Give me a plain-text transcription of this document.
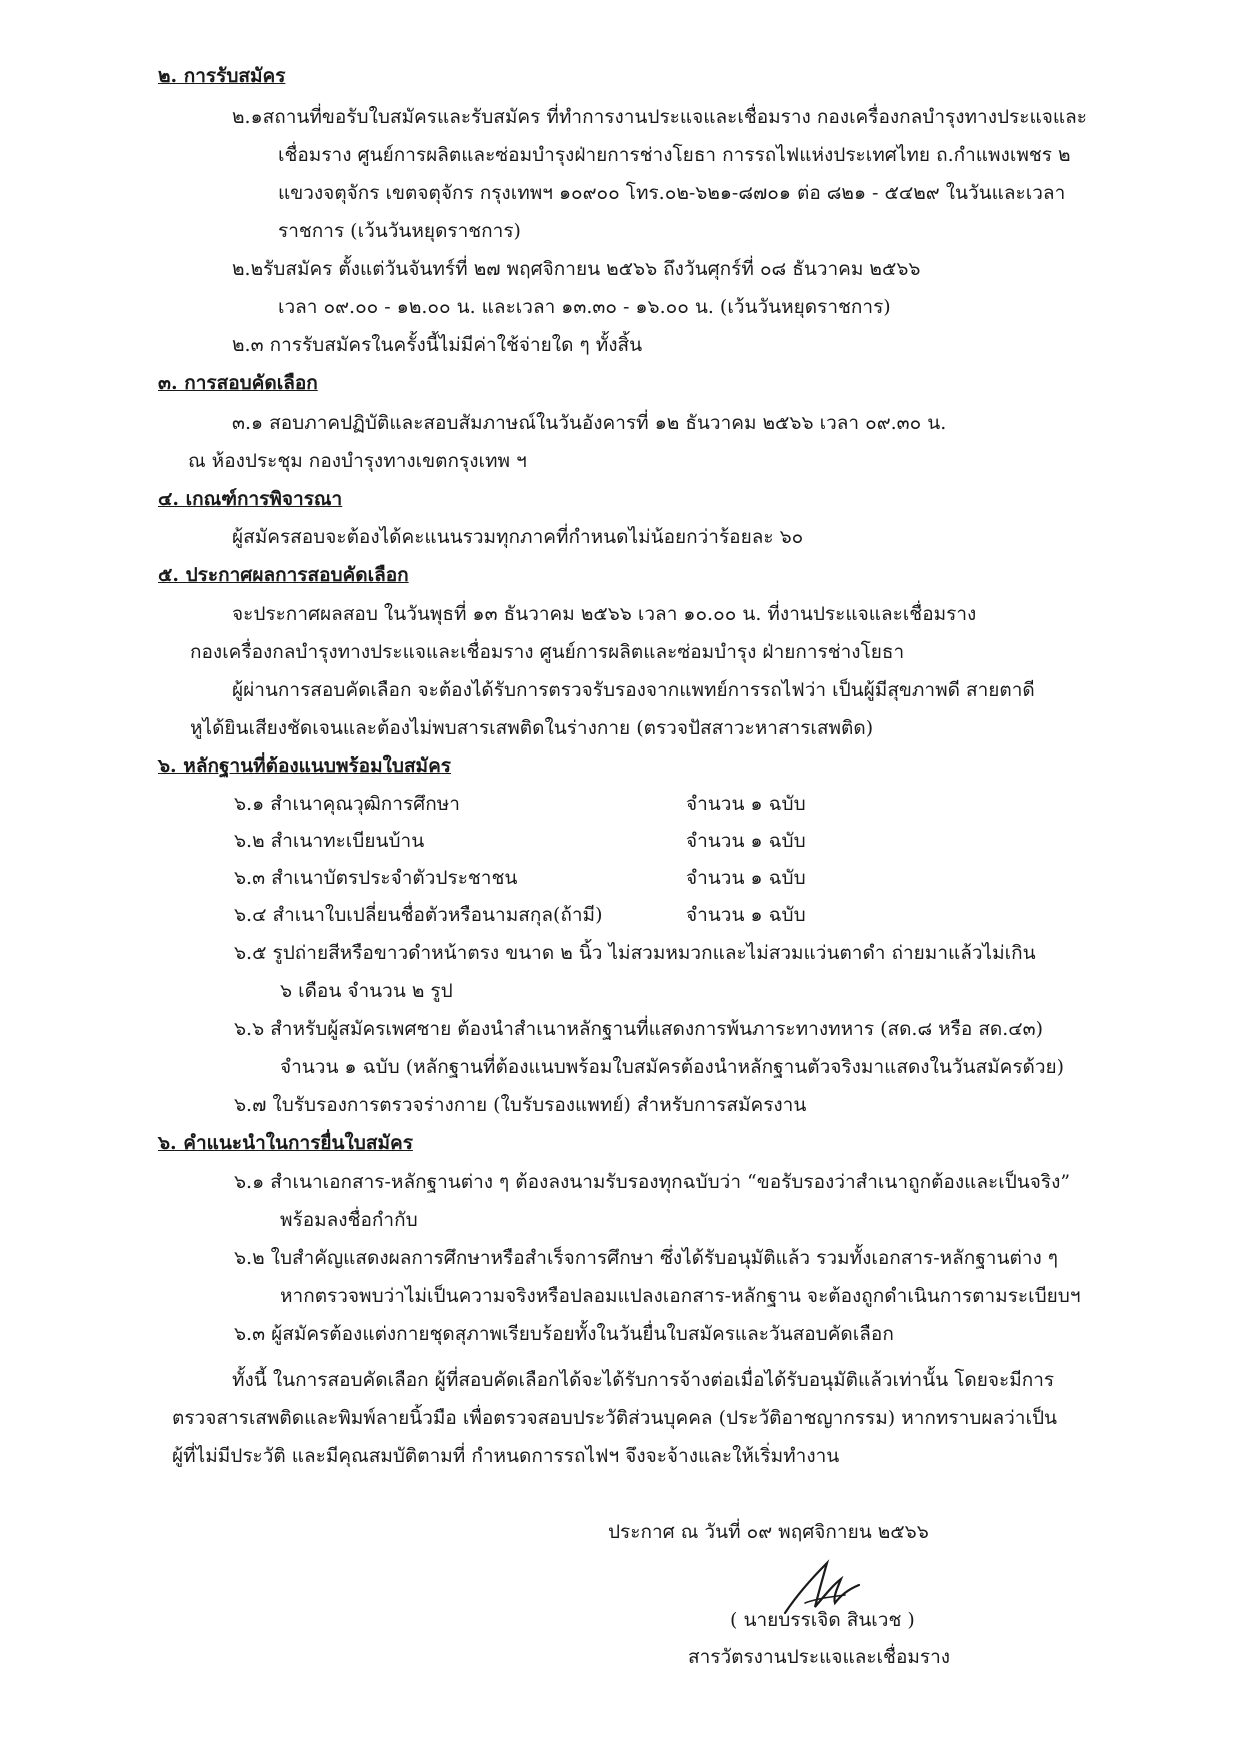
๒. การรับสมัคร
๒.๑สถานที่ขอรับใบสมัครและรับสมัคร ที่ทำการงานประแจและเชื่อมราง กองเครื่องกลบำรุงทางประแจและ
เชื่อมราง ศูนย์การผลิตและซ่อมบำรุงฝ่ายการช่างโยธา การรถไฟแห่งประเทศไทย ถ.กำแพงเพชร ๒
แขวงจตุจักร เขตจตุจักร กรุงเทพฯ ๑๐๙๐๐ โทร.๐๒-๖๒๑-๘๗๐๑ ต่อ ๘๒๑ - ๕๔๒๙ ในวันและเวลา
ราชการ (เว้นวันหยุดราชการ)
๒.๒รับสมัคร ตั้งแต่วันจันทร์ที่ ๒๗ พฤศจิกายน ๒๕๖๖ ถึงวันศุกร์ที่ ๐๘ ธันวาคม ๒๕๖๖
เวลา ๐๙.๐๐ - ๑๒.๐๐ น. และเวลา ๑๓.๓๐ - ๑๖.๐๐ น. (เว้นวันหยุดราชการ)
๒.๓ การรับสมัครในครั้งนี้ไม่มีค่าใช้จ่ายใด ๆ ทั้งสิ้น
๓. การสอบคัดเลือก
๓.๑ สอบภาคปฏิบัติและสอบสัมภาษณ์ในวันอังคารที่ ๑๒ ธันวาคม ๒๕๖๖ เวลา ๐๙.๓๐ น.
ณ ห้องประชุม กองบำรุงทางเขตกรุงเทพ ฯ
๔. เกณฑ์การพิจารณา
ผู้สมัครสอบจะต้องได้คะแนนรวมทุกภาคที่กำหนดไม่น้อยกว่าร้อยละ ๖๐
๕. ประกาศผลการสอบคัดเลือก
จะประกาศผลสอบ ในวันพุธที่ ๑๓ ธันวาคม ๒๕๖๖ เวลา ๑๐.๐๐ น. ที่งานประแจและเชื่อมราง
กองเครื่องกลบำรุงทางประแจและเชื่อมราง ศูนย์การผลิตและซ่อมบำรุง ฝ่ายการช่างโยธา
ผู้ผ่านการสอบคัดเลือก จะต้องได้รับการตรวจรับรองจากแพทย์การรถไฟว่า เป็นผู้มีสุขภาพดี สายตาดี
หูได้ยินเสียงชัดเจนและต้องไม่พบสารเสพติดในร่างกาย (ตรวจปัสสาวะหาสารเสพติด)
๖. หลักฐานที่ต้องแนบพร้อมใบสมัคร
๖.๑ สำเนาคุณวุฒิการศึกษา	จำนวน ๑ ฉบับ
๖.๒ สำเนาทะเบียนบ้าน	จำนวน ๑ ฉบับ
๖.๓ สำเนาบัตรประจำตัวประชาชน	จำนวน ๑ ฉบับ
๖.๔ สำเนาใบเปลี่ยนชื่อตัวหรือนามสกุล(ถ้ามี)	จำนวน ๑ ฉบับ
๖.๕ รูปถ่ายสีหรือขาวดำหน้าตรง ขนาด ๒ นิ้ว ไม่สวมหมวกและไม่สวมแว่นตาดำ ถ่ายมาแล้วไม่เกิน
๖ เดือน จำนวน ๒ รูป
๖.๖ สำหรับผู้สมัครเพศชาย ต้องนำสำเนาหลักฐานที่แสดงการพ้นภาระทางทหาร (สด.๘ หรือ สด.๔๓)
จำนวน ๑ ฉบับ (หลักฐานที่ต้องแนบพร้อมใบสมัครต้องนำหลักฐานตัวจริงมาแสดงในวันสมัครด้วย)
๖.๗ ใบรับรองการตรวจร่างกาย (ใบรับรองแพทย์) สำหรับการสมัครงาน
๖. คำแนะนำในการยื่นใบสมัคร
๖.๑ สำเนาเอกสาร-หลักฐานต่าง ๆ ต้องลงนามรับรองทุกฉบับว่า “ขอรับรองว่าสำเนาถูกต้องและเป็นจริง”
พร้อมลงชื่อกำกับ
๖.๒ ใบสำคัญแสดงผลการศึกษาหรือสำเร็จการศึกษา ซึ่งได้รับอนุมัติแล้ว รวมทั้งเอกสาร-หลักฐานต่าง ๆ
หากตรวจพบว่าไม่เป็นความจริงหรือปลอมแปลงเอกสาร-หลักฐาน จะต้องถูกดำเนินการตามระเบียบฯ
๖.๓ ผู้สมัครต้องแต่งกายชุดสุภาพเรียบร้อยทั้งในวันยื่นใบสมัครและวันสอบคัดเลือก
ทั้งนี้ ในการสอบคัดเลือก ผู้ที่สอบคัดเลือกได้จะได้รับการจ้างต่อเมื่อได้รับอนุมัติแล้วเท่านั้น โดยจะมีการ
ตรวจสารเสพติดและพิมพ์ลายนิ้วมือ เพื่อตรวจสอบประวัติส่วนบุคคล (ประวัติอาชญากรรม) หากทราบผลว่าเป็น
ผู้ที่ไม่มีประวัติ และมีคุณสมบัติตามที่ กำหนดการรถไฟฯ จึงจะจ้างและให้เริ่มทำงาน
ประกาศ ณ วันที่ ๐๙ พฤศจิกายน ๒๕๖๖
( นายบรรเจิด สินเวช )
สารวัตรงานประแจและเชื่อมราง
